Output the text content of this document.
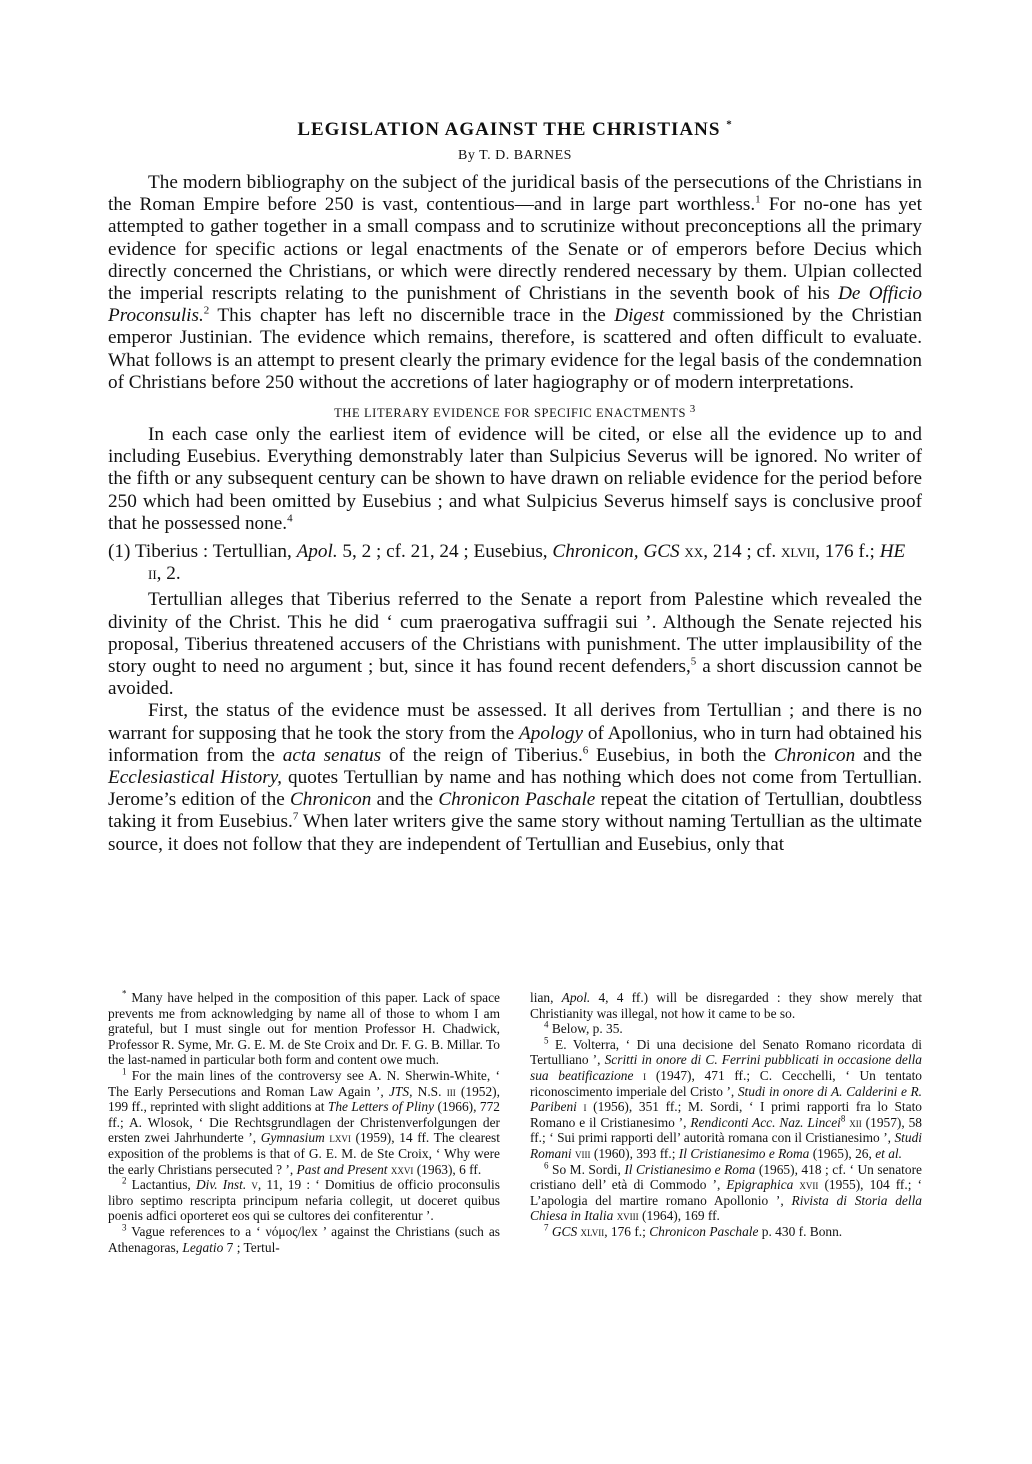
LEGISLATION AGAINST THE CHRISTIANS *
By T. D. BARNES

The modern bibliography on the subject of the juridical basis of the persecutions of the Christians in the Roman Empire before 250 is vast, contentious—and in large part worthless.$^1$ For no-one has yet attempted to gather together in a small compass and to scrutinize without preconceptions all the primary evidence for specific actions or legal enactments of the Senate or of emperors before Decius which directly concerned the Christians, or which were directly rendered necessary by them. Ulpian collected the imperial rescripts relating to the punishment of Christians in the seventh book of his De Officio Proconsulis.$^2$ This chapter has left no discernible trace in the Digest commissioned by the Christian emperor Justinian. The evidence which remains, therefore, is scattered and often difficult to evaluate. What follows is an attempt to present clearly the primary evidence for the legal basis of the condemnation of Christians before 250 without the accretions of later hagiography or of modern interpretations.

THE LITERARY EVIDENCE FOR SPECIFIC ENACTMENTS $^3$

In each case only the earliest item of evidence will be cited, or else all the evidence up to and including Eusebius. Everything demonstrably later than Sulpicius Severus will be ignored. No writer of the fifth or any subsequent century can be shown to have drawn on reliable evidence for the period before 250 which had been omitted by Eusebius ; and what Sulpicius Severus himself says is conclusive proof that he possessed none.$^4$

(1) Tiberius : Tertullian, Apol. 5, 2 ; cf. 21, 24 ; Eusebius, Chronicon, GCS xx, 214 ; cf. xlvii, 176 f.; HE ii, 2.

Tertullian alleges that Tiberius referred to the Senate a report from Palestine which revealed the divinity of the Christ. This he did ‘ cum praerogativa suffragii sui ’. Although the Senate rejected his proposal, Tiberius threatened accusers of the Christians with punishment. The utter implausibility of the story ought to need no argument ; but, since it has found recent defenders,$^5$ a short discussion cannot be avoided.

First, the status of the evidence must be assessed. It all derives from Tertullian ; and there is no warrant for supposing that he took the story from the Apology of Apollonius, who in turn had obtained his information from the acta senatus of the reign of Tiberius.$^6$ Eusebius, in both the Chronicon and the Ecclesiastical History, quotes Tertullian by name and has nothing which does not come from Tertullian. Jerome’s edition of the Chronicon and the Chronicon Paschale repeat the citation of Tertullian, doubtless taking it from Eusebius.$^7$ When later writers give the same story without naming Tertullian as the ultimate source, it does not follow that they are independent of Tertullian and Eusebius, only that

* Many have helped in the composition of this paper. Lack of space prevents me from acknowledging by name all of those to whom I am grateful, but I must single out for mention Professor H. Chadwick, Professor R. Syme, Mr. G. E. M. de Ste Croix and Dr. F. G. B. Millar. To the last-named in particular both form and content owe much.

$^1$ For the main lines of the controversy see A. N. Sherwin-White, ‘ The Early Persecutions and Roman Law Again ’, JTS, N.S. iii (1952), 199 ff., reprinted with slight additions at The Letters of Pliny (1966), 772 ff.; A. Wlosok, ‘ Die Rechtsgrundlagen der Christenverfolgungen der ersten zwei Jahrhunderte ’, Gymnasium lxvi (1959), 14 ff. The clearest exposition of the problems is that of G. E. M. de Ste Croix, ‘ Why were the early Christians persecuted ? ’, Past and Present xxvi (1963), 6 ff.

$^2$ Lactantius, Div. Inst. v, 11, 19 : ‘ Domitius de officio proconsulis libro septimo rescripta principum nefaria collegit, ut doceret quibus poenis adfici oporteret eos qui se cultores dei confiterentur ’.

$^3$ Vague references to a ‘ νόμος/lex ’ against the Christians (such as Athenagoras, Legatio 7 ; Tertul-

lian, Apol. 4, 4 ff.) will be disregarded : they show merely that Christianity was illegal, not how it came to be so.

$^4$ Below, p. 35.

$^5$ E. Volterra, ‘ Di una decisione del Senato Romano ricordata di Tertulliano ’, Scritti in onore di C. Ferrini pubblicati in occasione della sua beatificazione i (1947), 471 ff.; C. Cecchelli, ‘ Un tentato riconoscimento imperiale del Cristo ’, Studi in onore di A. Calderini e R. Paribeni i (1956), 351 ff.; M. Sordi, ‘ I primi rapporti fra lo Stato Romano e il Cristianesimo ’, Rendiconti Acc. Naz. Lincei$^8$ xii (1957), 58 ff.; ‘ Sui primi rapporti dell’ autorità romana con il Cristianesimo ’, Studi Romani viii (1960), 393 ff.; Il Cristianesimo e Roma (1965), 26, et al.

$^6$ So M. Sordi, Il Cristianesimo e Roma (1965), 418 ; cf. ‘ Un senatore cristiano dell’ età di Commodo ’, Epigraphica xvii (1955), 104 ff.; ‘ L’apologia del martire romano Apollonio ’, Rivista di Storia della Chiesa in Italia xviii (1964), 169 ff.

$^7$ GCS xlvii, 176 f.; Chronicon Paschale p. 430 f. Bonn.
